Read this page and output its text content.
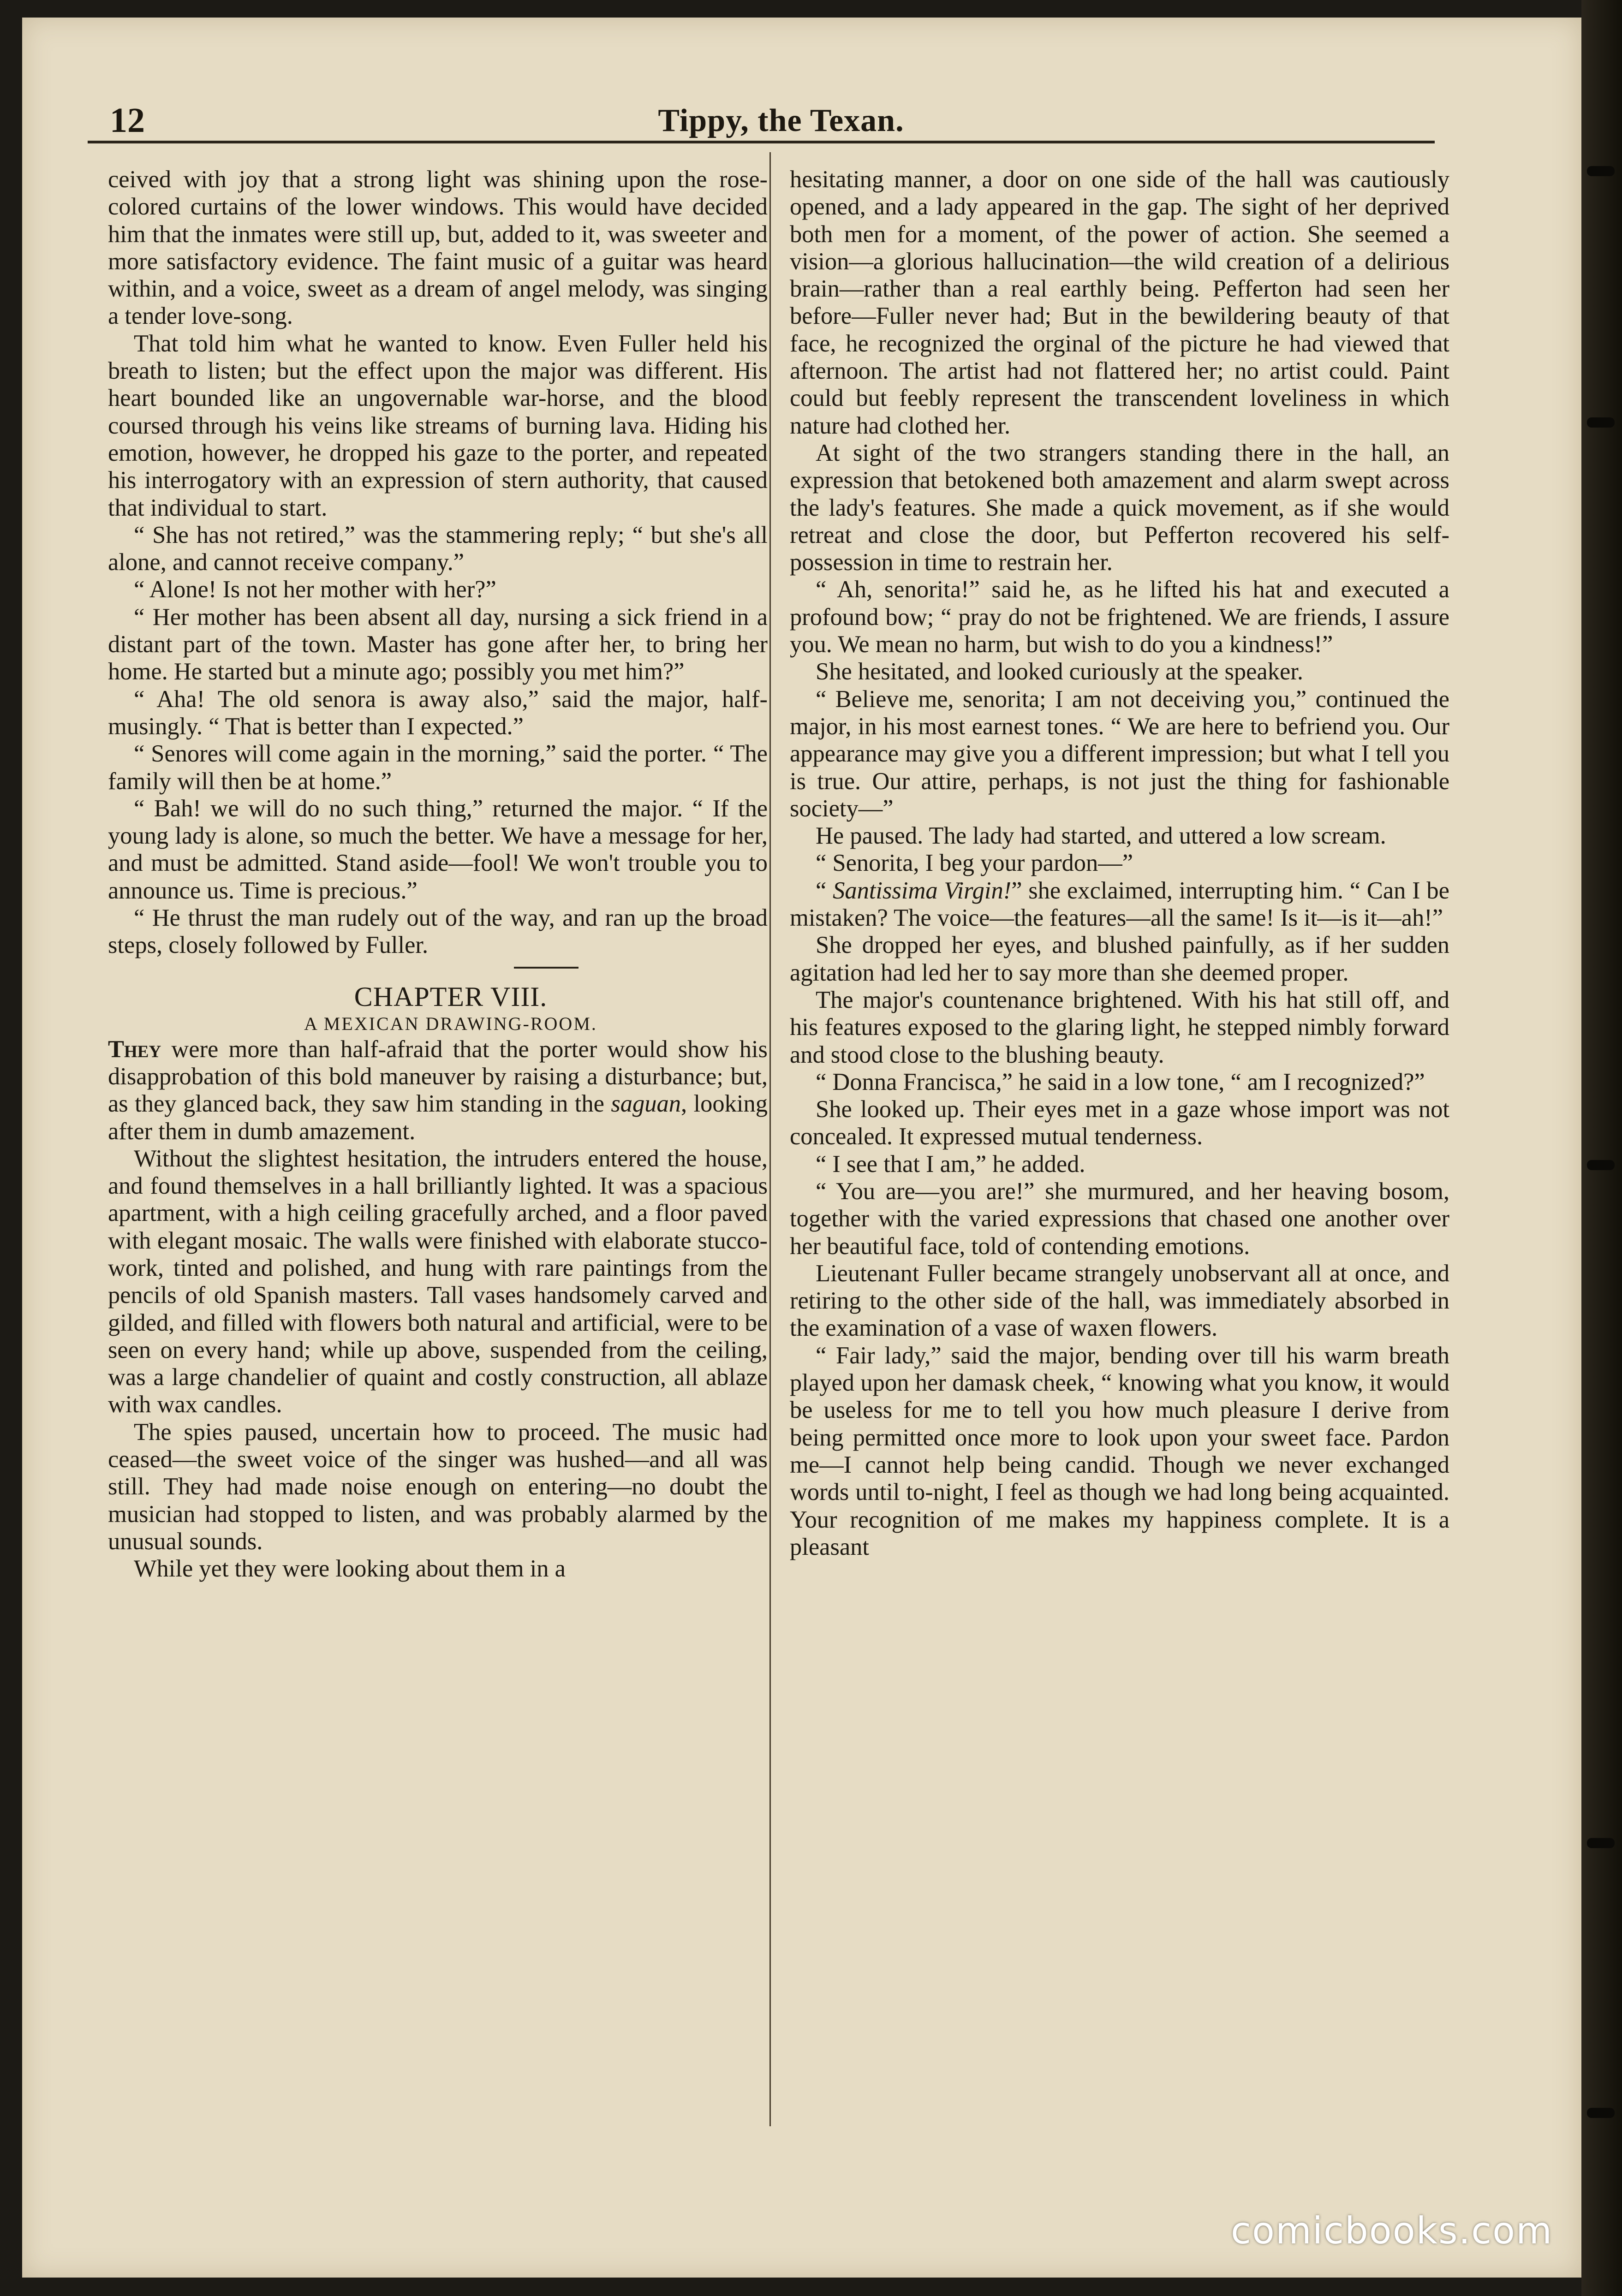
12	Tippy, the Texan.

ceived with joy that a strong light was shining upon the rose-colored curtains of the lower windows. This would have decided him that the inmates were still up, but, added to it, was sweeter and more satisfactory evidence. The faint music of a guitar was heard within, and a voice, sweet as a dream of angel melody, was singing a tender love-song.

That told him what he wanted to know. Even Fuller held his breath to listen; but the effect upon the major was different. His heart bounded like an ungovernable war-horse, and the blood coursed through his veins like streams of burning lava. Hiding his emotion, however, he dropped his gaze to the porter, and repeated his interrogatory with an expression of stern authority, that caused that individual to start.

“ She has not retired,” was the stammering reply; “ but she's all alone, and cannot receive company.”

“ Alone! Is not her mother with her?”

“ Her mother has been absent all day, nursing a sick friend in a distant part of the town. Master has gone after her, to bring her home. He started but a minute ago; possibly you met him?”

“ Aha! The old senora is away also,” said the major, half-musingly. “ That is better than I expected.”

“ Senores will come again in the morning,” said the porter. “ The family will then be at home.”

“ Bah! we will do no such thing,” returned the major. “ If the young lady is alone, so much the better. We have a message for her, and must be admitted. Stand aside—fool! We won't trouble you to announce us. Time is precious.”

“ He thrust the man rudely out of the way, and ran up the broad steps, closely followed by Fuller.

CHAPTER VIII.

A MEXICAN DRAWING-ROOM.

They were more than half-afraid that the porter would show his disapprobation of this bold maneuver by raising a disturbance; but, as they glanced back, they saw him standing in the saguan, looking after them in dumb amazement.

Without the slightest hesitation, the intruders entered the house, and found themselves in a hall brilliantly lighted. It was a spacious apartment, with a high ceiling gracefully arched, and a floor paved with elegant mosaic. The walls were finished with elaborate stucco-work, tinted and polished, and hung with rare paintings from the pencils of old Spanish masters. Tall vases handsomely carved and gilded, and filled with flowers both natural and artificial, were to be seen on every hand; while up above, suspended from the ceiling, was a large chandelier of quaint and costly construction, all ablaze with wax candles.

The spies paused, uncertain how to proceed. The music had ceased—the sweet voice of the singer was hushed—and all was still. They had made noise enough on entering—no doubt the musician had stopped to listen, and was probably alarmed by the unusual sounds.

While yet they were looking about them in a

hesitating manner, a door on one side of the hall was cautiously opened, and a lady appeared in the gap. The sight of her deprived both men for a moment, of the power of action. She seemed a vision—a glorious hallucination—the wild creation of a delirious brain—rather than a real earthly being. Pefferton had seen her before—Fuller never had; But in the bewildering beauty of that face, he recognized the orginal of the picture he had viewed that afternoon. The artist had not flattered her; no artist could. Paint could but feebly represent the transcendent loveliness in which nature had clothed her.

At sight of the two strangers standing there in the hall, an expression that betokened both amazement and alarm swept across the lady's features. She made a quick movement, as if she would retreat and close the door, but Pefferton recovered his self-possession in time to restrain her.

“ Ah, senorita!” said he, as he lifted his hat and executed a profound bow; “ pray do not be frightened. We are friends, I assure you. We mean no harm, but wish to do you a kindness!”

She hesitated, and looked curiously at the speaker.

“ Believe me, senorita; I am not deceiving you,” continued the major, in his most earnest tones. “ We are here to befriend you. Our appearance may give you a different impression; but what I tell you is true. Our attire, perhaps, is not just the thing for fashionable society—”

He paused. The lady had started, and uttered a low scream.

“ Senorita, I beg your pardon—”

“ Santissima Virgin!” she exclaimed, interrupting him. “ Can I be mistaken? The voice—the features—all the same! Is it—is it—ah!”

She dropped her eyes, and blushed painfully, as if her sudden agitation had led her to say more than she deemed proper.

The major's countenance brightened. With his hat still off, and his features exposed to the glaring light, he stepped nimbly forward and stood close to the blushing beauty.

“ Donna Francisca,” he said in a low tone, “ am I recognized?”

She looked up. Their eyes met in a gaze whose import was not concealed. It expressed mutual tenderness.

“ I see that I am,” he added.

“ You are—you are!” she murmured, and her heaving bosom, together with the varied expressions that chased one another over her beautiful face, told of contending emotions.

Lieutenant Fuller became strangely unobservant all at once, and retiring to the other side of the hall, was immediately absorbed in the examination of a vase of waxen flowers.

“ Fair lady,” said the major, bending over till his warm breath played upon her damask cheek, “ knowing what you know, it would be useless for me to tell you how much pleasure I derive from being permitted once more to look upon your sweet face. Pardon me—I cannot help being candid. Though we never exchanged words until to-night, I feel as though we had long being acquainted. Your recognition of me makes my happiness complete. It is a pleasant

comicbooks.com
